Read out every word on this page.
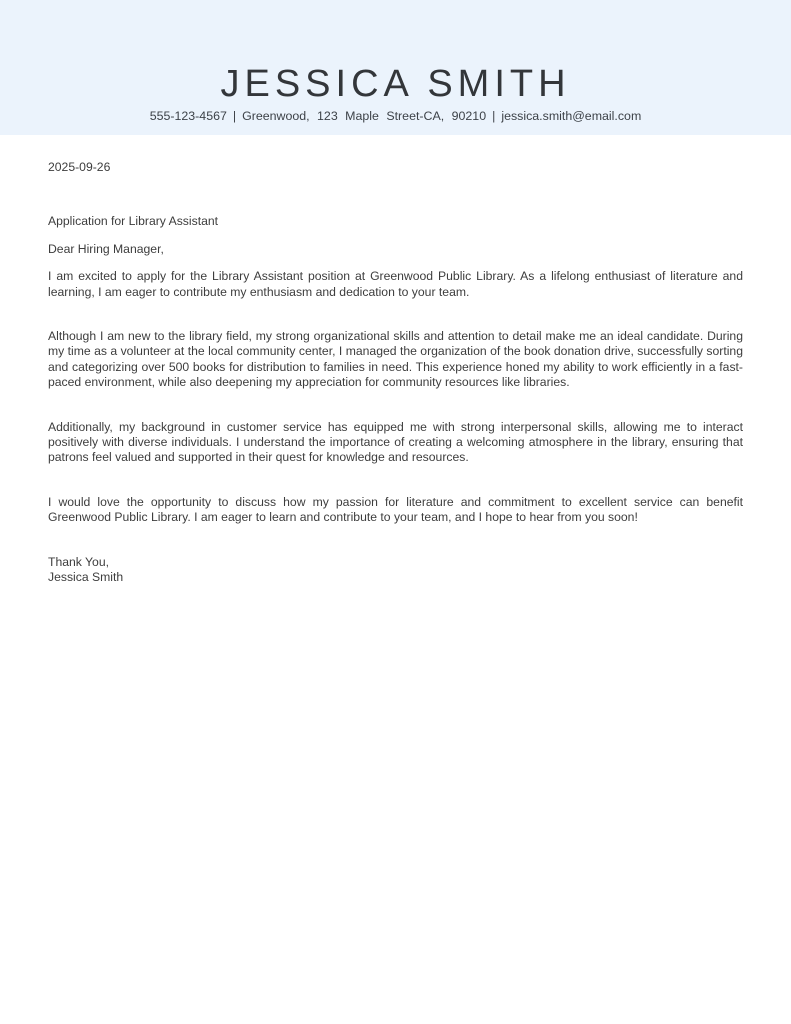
JESSICA SMITH
555-123-4567 | Greenwood, 123 Maple Street-CA, 90210 | jessica.smith@email.com

2025-09-26

Application for Library Assistant

Dear Hiring Manager,

I am excited to apply for the Library Assistant position at Greenwood Public Library. As a lifelong enthusiast of literature and learning, I am eager to contribute my enthusiasm and dedication to your team.

Although I am new to the library field, my strong organizational skills and attention to detail make me an ideal candidate. During my time as a volunteer at the local community center, I managed the organization of the book donation drive, successfully sorting and categorizing over 500 books for distribution to families in need. This experience honed my ability to work efficiently in a fast-paced environment, while also deepening my appreciation for community resources like libraries.

Additionally, my background in customer service has equipped me with strong interpersonal skills, allowing me to interact positively with diverse individuals. I understand the importance of creating a welcoming atmosphere in the library, ensuring that patrons feel valued and supported in their quest for knowledge and resources.

I would love the opportunity to discuss how my passion for literature and commitment to excellent service can benefit Greenwood Public Library. I am eager to learn and contribute to your team, and I hope to hear from you soon!

Thank You,

Jessica Smith
